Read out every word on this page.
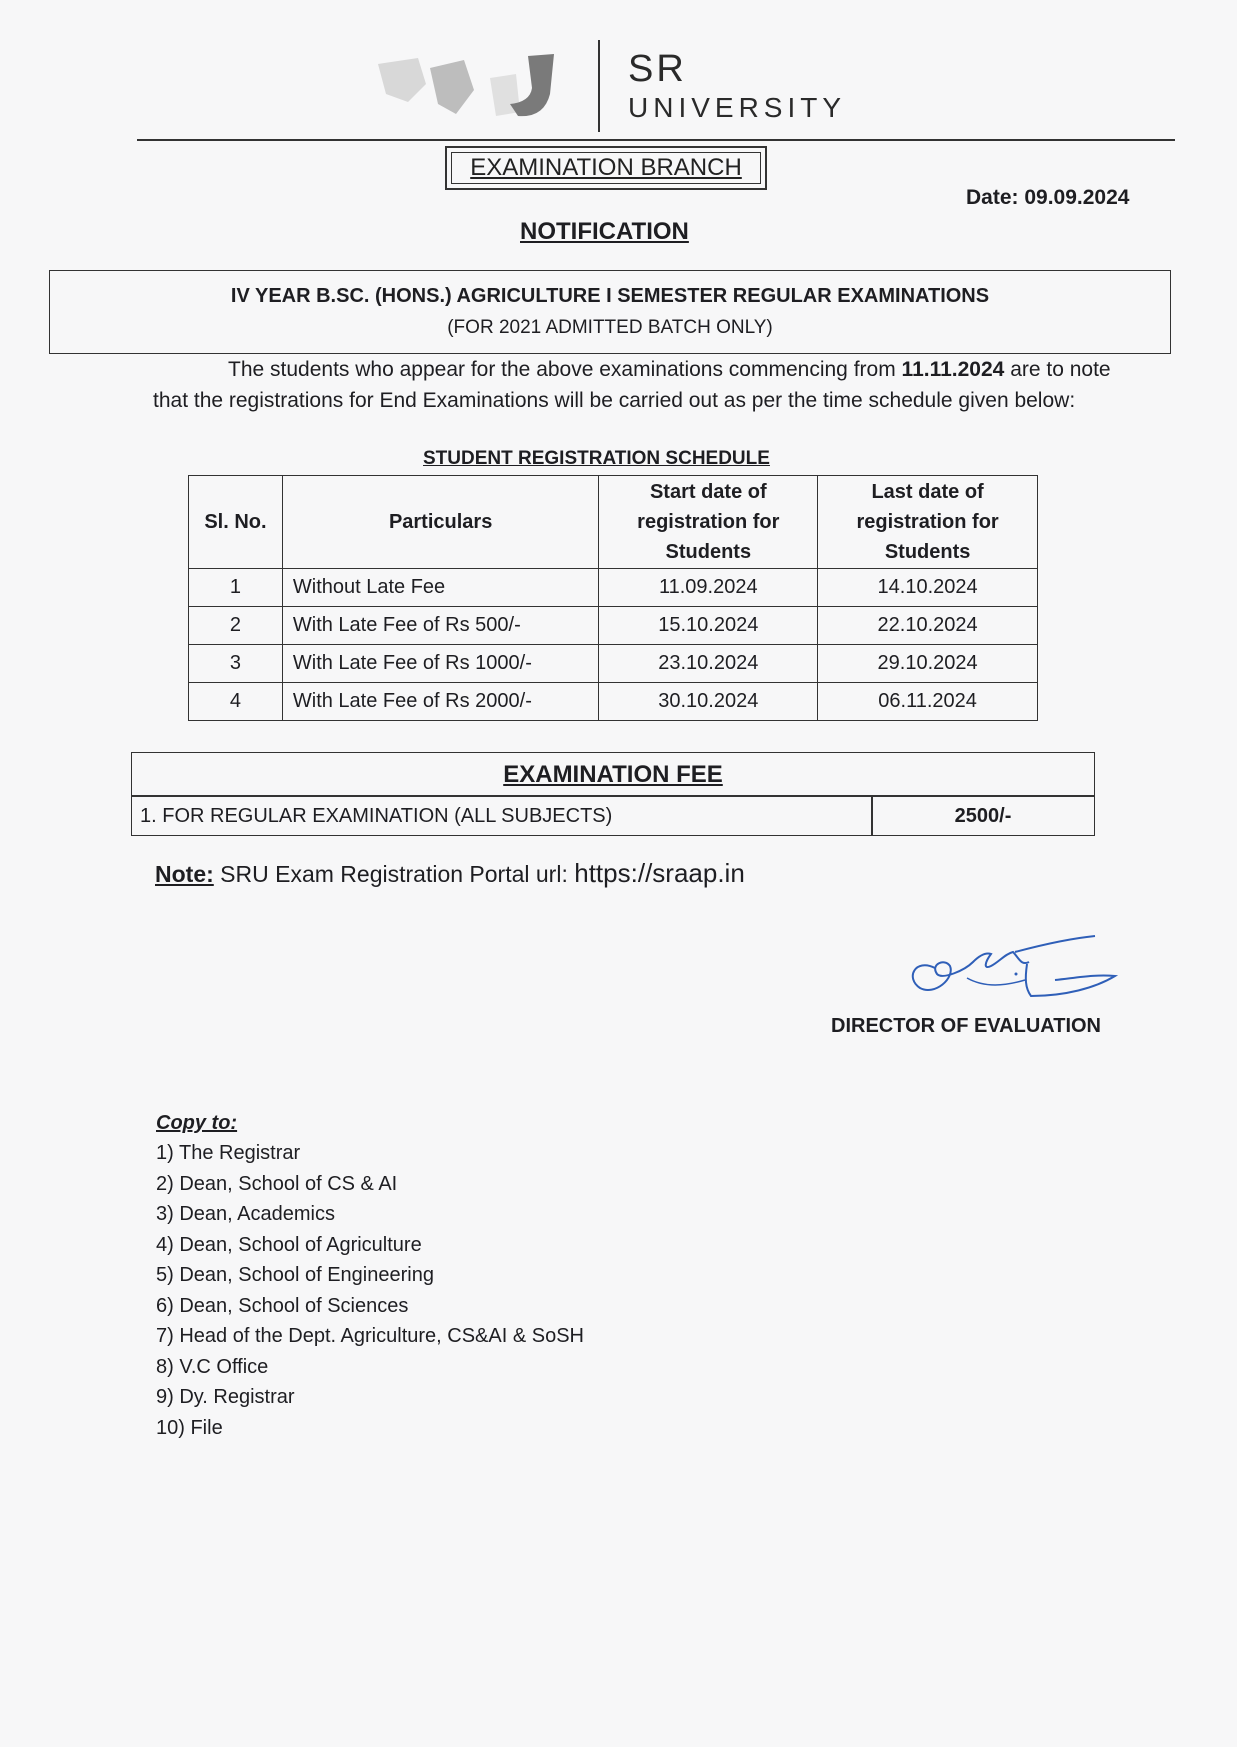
SR
UNIVERSITY
EXAMINATION BRANCH
Date: 09.09.2024
NOTIFICATION
IV YEAR B.SC. (HONS.) AGRICULTURE I SEMESTER REGULAR EXAMINATIONS
(FOR 2021 ADMITTED BATCH ONLY)
The students who appear for the above examinations commencing from 11.11.2024 are to note that the registrations for End Examinations will be carried out as per the time schedule given below:
STUDENT REGISTRATION SCHEDULE
Sl. No.	Particulars	Start date of registration for Students	Last date of registration for Students
1	Without Late Fee	11.09.2024	14.10.2024
2	With Late Fee of Rs 500/-	15.10.2024	22.10.2024
3	With Late Fee of Rs 1000/-	23.10.2024	29.10.2024
4	With Late Fee of Rs 2000/-	30.10.2024	06.11.2024
EXAMINATION FEE
1. FOR REGULAR EXAMINATION (ALL SUBJECTS)	2500/-
Note: SRU Exam Registration Portal url: https://sraap.in
DIRECTOR OF EVALUATION
Copy to:
1) The Registrar
2) Dean, School of CS & AI
3) Dean, Academics
4) Dean, School of Agriculture
5) Dean, School of Engineering
6) Dean, School of Sciences
7) Head of the Dept. Agriculture, CS&AI & SoSH
8) V.C Office
9) Dy. Registrar
10) File
